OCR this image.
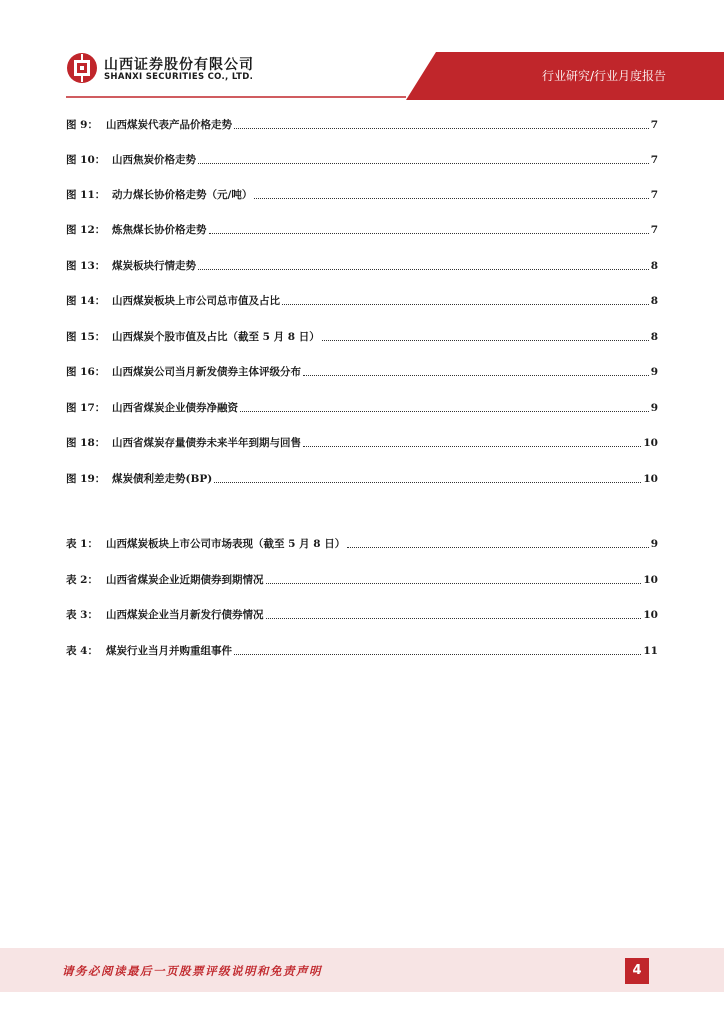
山西证券股份有限公司
SHANXI SECURITIES CO., LTD.	行业研究/行业月度报告
图 9： 山西煤炭代表产品价格走势	7
图 10： 山西焦炭价格走势	7
图 11： 动力煤长协价格走势（元/吨）	7
图 12： 炼焦煤长协价格走势	7
图 13： 煤炭板块行情走势	8
图 14： 山西煤炭板块上市公司总市值及占比	8
图 15： 山西煤炭个股市值及占比（截至 5 月 8 日）	8
图 16： 山西煤炭公司当月新发债券主体评级分布	9
图 17： 山西省煤炭企业债券净融资	9
图 18： 山西省煤炭存量债券未来半年到期与回售	10
图 19： 煤炭债利差走势(BP)	10
表 1： 山西煤炭板块上市公司市场表现（截至 5 月 8 日）	9
表 2： 山西省煤炭企业近期债券到期情况	10
表 3： 山西煤炭企业当月新发行债券情况	10
表 4： 煤炭行业当月并购重组事件	11
请务必阅读最后一页股票评级说明和免责声明	4
